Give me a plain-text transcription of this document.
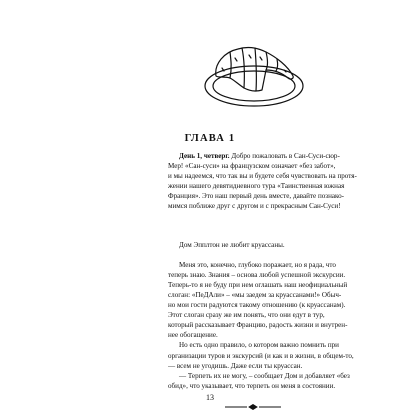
ГЛАВА 1
День 1, четверг. Добро пожаловать в Сан-Суси-сюр-
Мер! «Сан-суси» на французском означает «без забот»,
и мы надеемся, что так вы и будете себя чувствовать на протя-
жении нашего девятидневного тура «Таинственная южная
Франция». Это наш первый день вместе, давайте познако-
мимся поближе друг с другом и с прекрасным Сан-Суси!
Дом Эпплтон не любит круассаны.
Меня это, конечно, глубоко поражает, но я рада, что
теперь знаю. Знания – основа любой успешной экскурсии.
Теперь-то я не буду при нем оглашать наш неофициальный
слоган: «ПеДАли» – «мы заедем за круассанами!» Обыч-
но мои гости радуются такому отношению (к круассанам).
Этот слоган сразу же им понять, что они едут в тур,
который рассказывает Францию, радость жизни и внутрен-
нее обогащение.
Но есть одно правило, о котором важно помнить при
организации туров и экскурсий (и как и в жизни, в общем-то,
— всем не угодишь. Даже если ты круассан.
— Терпеть их не могу, – сообщает Дом и добавляет «без
обид», что указывает, что терпеть он меня в состоянии.
13
